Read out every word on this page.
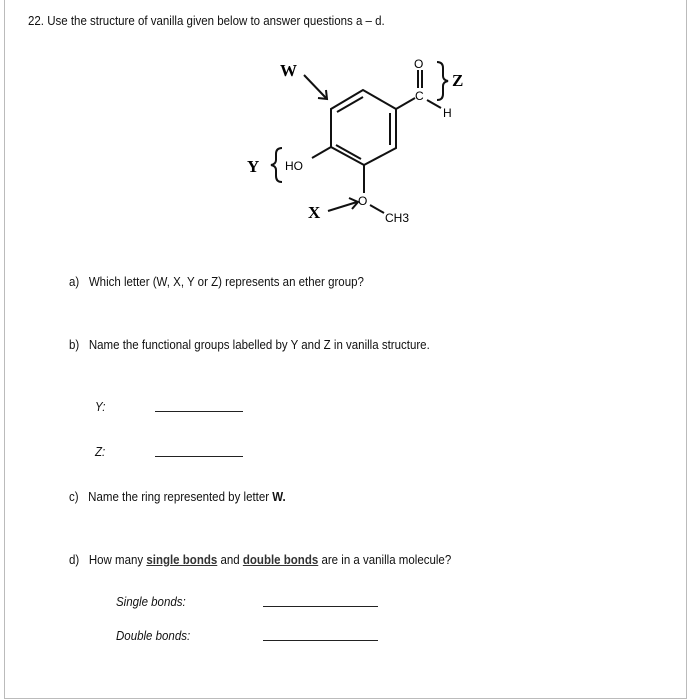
22. Use the structure of vanilla given below to answer questions a – d.
W
Z
Y
X
O
C
H
HO
O
CH3
a) Which letter (W, X, Y or Z) represents an ether group?
b) Name the functional groups labelled by Y and Z in vanilla structure.
Y:
Z:
c) Name the ring represented by letter W.
d) How many single bonds and double bonds are in a vanilla molecule?
Single bonds:
Double bonds:
